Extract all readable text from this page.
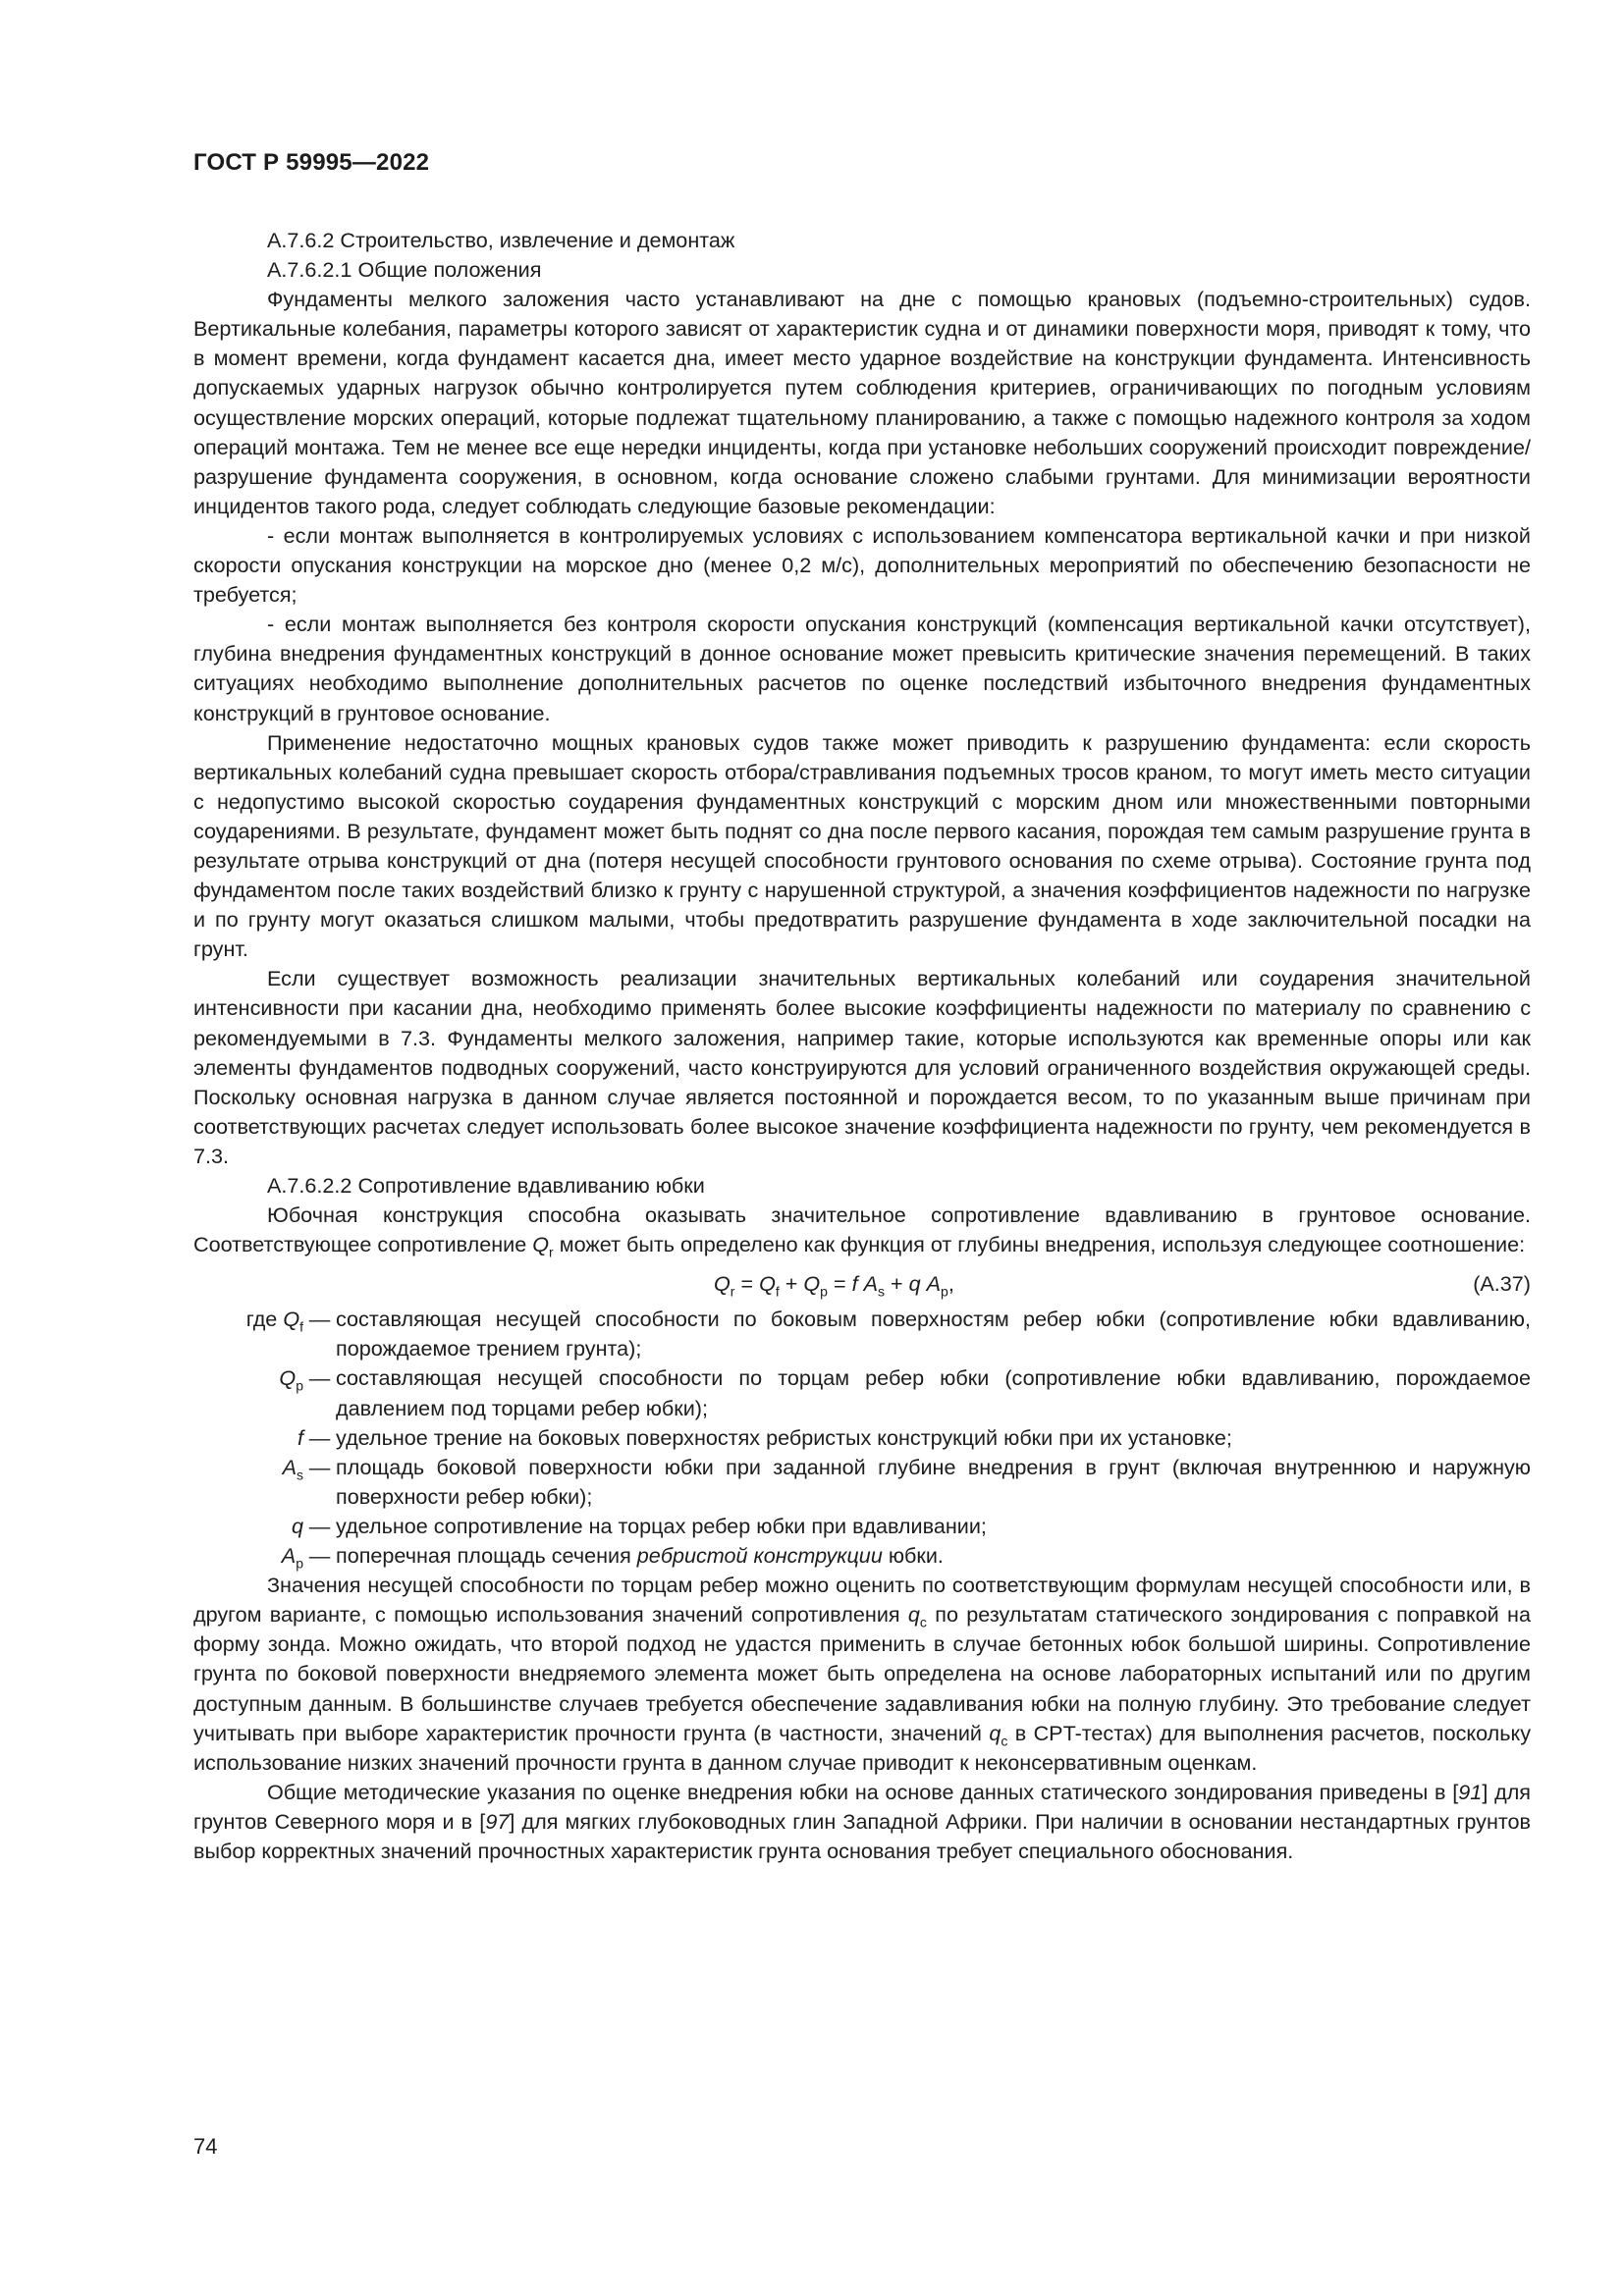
ГОСТ Р 59995—2022

А.7.6.2 Строительство, извлечение и демонтаж

А.7.6.2.1 Общие положения

Фундаменты мелкого заложения часто устанавливают на дне с помощью крановых (подъемно-строительных) судов. Вертикальные колебания, параметры которого зависят от характеристик судна и от динамики поверхности моря, приводят к тому, что в момент времени, когда фундамент касается дна, имеет место ударное воздействие на конструкции фундамента. Интенсивность допускаемых ударных нагрузок обычно контролируется путем соблюдения критериев, ограничивающих по погодным условиям осуществление морских операций, которые подлежат тщательному планированию, а также с помощью надежного контроля за ходом операций монтажа. Тем не менее все еще нередки инциденты, когда при установке небольших сооружений происходит повреждение/разрушение фундамента сооружения, в основном, когда основание сложено слабыми грунтами. Для минимизации вероятности инцидентов такого рода, следует соблюдать следующие базовые рекомендации:

- если монтаж выполняется в контролируемых условиях с использованием компенсатора вертикальной качки и при низкой скорости опускания конструкции на морское дно (менее 0,2 м/с), дополнительных мероприятий по обеспечению безопасности не требуется;

- если монтаж выполняется без контроля скорости опускания конструкций (компенсация вертикальной качки отсутствует), глубина внедрения фундаментных конструкций в донное основание может превысить критические значения перемещений. В таких ситуациях необходимо выполнение дополнительных расчетов по оценке последствий избыточного внедрения фундаментных конструкций в грунтовое основание.

Применение недостаточно мощных крановых судов также может приводить к разрушению фундамента: если скорость вертикальных колебаний судна превышает скорость отбора/стравливания подъемных тросов краном, то могут иметь место ситуации с недопустимо высокой скоростью соударения фундаментных конструкций с морским дном или множественными повторными соударениями. В результате, фундамент может быть поднят со дна после первого касания, порождая тем самым разрушение грунта в результате отрыва конструкций от дна (потеря несущей способности грунтового основания по схеме отрыва). Состояние грунта под фундаментом после таких воздействий близко к грунту с нарушенной структурой, а значения коэффициентов надежности по нагрузке и по грунту могут оказаться слишком малыми, чтобы предотвратить разрушение фундамента в ходе заключительной посадки на грунт.

Если существует возможность реализации значительных вертикальных колебаний или соударения значительной интенсивности при касании дна, необходимо применять более высокие коэффициенты надежности по материалу по сравнению с рекомендуемыми в 7.3. Фундаменты мелкого заложения, например такие, которые используются как временные опоры или как элементы фундаментов подводных сооружений, часто конструируются для условий ограниченного воздействия окружающей среды. Поскольку основная нагрузка в данном случае является постоянной и порождается весом, то по указанным выше причинам при соответствующих расчетах следует использовать более высокое значение коэффициента надежности по грунту, чем рекомендуется в 7.3.

А.7.6.2.2 Сопротивление вдавливанию юбки

Юбочная конструкция способна оказывать значительное сопротивление вдавливанию в грунтовое основание. Соответствующее сопротивление $Q_r$ может быть определено как функция от глубины внедрения, используя следующее соотношение:

$Q_r = Q_f + Q_p = f$ $A_s + q$ $A_p$,	(А.37)
где $Q_f$ — составляющая несущей способности по боковым поверхностям ребер юбки (сопротивление юбки вдавливанию, порождаемое трением грунта);
$Q_p$ — составляющая несущей способности по торцам ребер юбки (сопротивление юбки вдавливанию, порождаемое давлением под торцами ребер юбки);
f — удельное трение на боковых поверхностях ребристых конструкций юбки при их установке;
$A_s$ — площадь боковой поверхности юбки при заданной глубине внедрения в грунт (включая внутреннюю и наружную поверхности ребер юбки);
q — удельное сопротивление на торцах ребер юбки при вдавливании;
$A_p$ — поперечная площадь сечения ребристой конструкции юбки.

Значения несущей способности по торцам ребер можно оценить по соответствующим формулам несущей способности или, в другом варианте, с помощью использования значений сопротивления $q_c$ по результатам статического зондирования с поправкой на форму зонда. Можно ожидать, что второй подход не удастся применить в случае бетонных юбок большой ширины. Сопротивление грунта по боковой поверхности внедряемого элемента может быть определена на основе лабораторных испытаний или по другим доступным данным. В большинстве случаев требуется обеспечение задавливания юбки на полную глубину. Это требование следует учитывать при выборе характеристик прочности грунта (в частности, значений $q_c$ в CPT-тестах) для выполнения расчетов, поскольку использование низких значений прочности грунта в данном случае приводит к неконсервативным оценкам.

Общие методические указания по оценке внедрения юбки на основе данных статического зондирования приведены в [91] для грунтов Северного моря и в [97] для мягких глубоководных глин Западной Африки. При наличии в основании нестандартных грунтов выбор корректных значений прочностных характеристик грунта основания требует специального обоснования.

74
